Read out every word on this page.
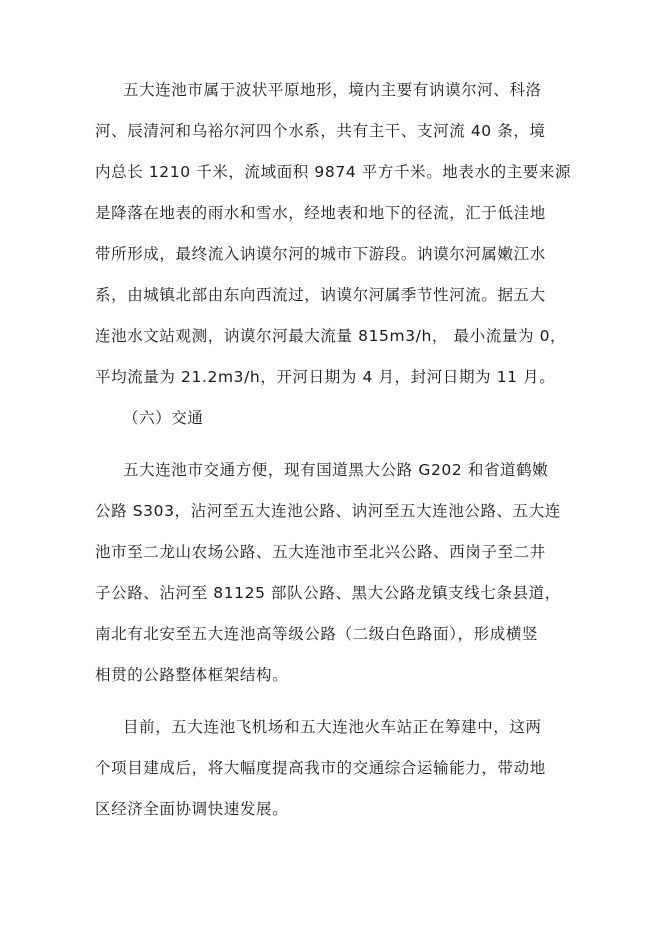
五大连池市属于波状平原地形，境内主要有讷谟尔河、科洛
河、辰清河和乌裕尔河四个水系，共有主干、支河流 40 条，境
内总长 1210 千米，流域面积 9874 平方千米。地表水的主要来源
是降落在地表的雨水和雪水，经地表和地下的径流，汇于低洼地
带所形成，最终流入讷谟尔河的城市下游段。讷谟尔河属嫩江水
系，由城镇北部由东向西流过，讷谟尔河属季节性河流。据五大
连池水文站观测，讷谟尔河最大流量 815m3/h， 最小流量为 0，
平均流量为 21.2m3/h，开河日期为 4 月，封河日期为 11 月。
（六）交通
五大连池市交通方便，现有国道黑大公路 G202 和省道鹤嫩
公路 S303，沾河至五大连池公路、讷河至五大连池公路、五大连
池市至二龙山农场公路、五大连池市至北兴公路、西岗子至二井
子公路、沾河至 81125 部队公路、黑大公路龙镇支线七条县道，
南北有北安至五大连池高等级公路（二级白色路面），形成横竖
相贯的公路整体框架结构。
目前，五大连池飞机场和五大连池火车站正在筹建中，这两
个项目建成后，将大幅度提高我市的交通综合运输能力，带动地
区经济全面协调快速发展。
